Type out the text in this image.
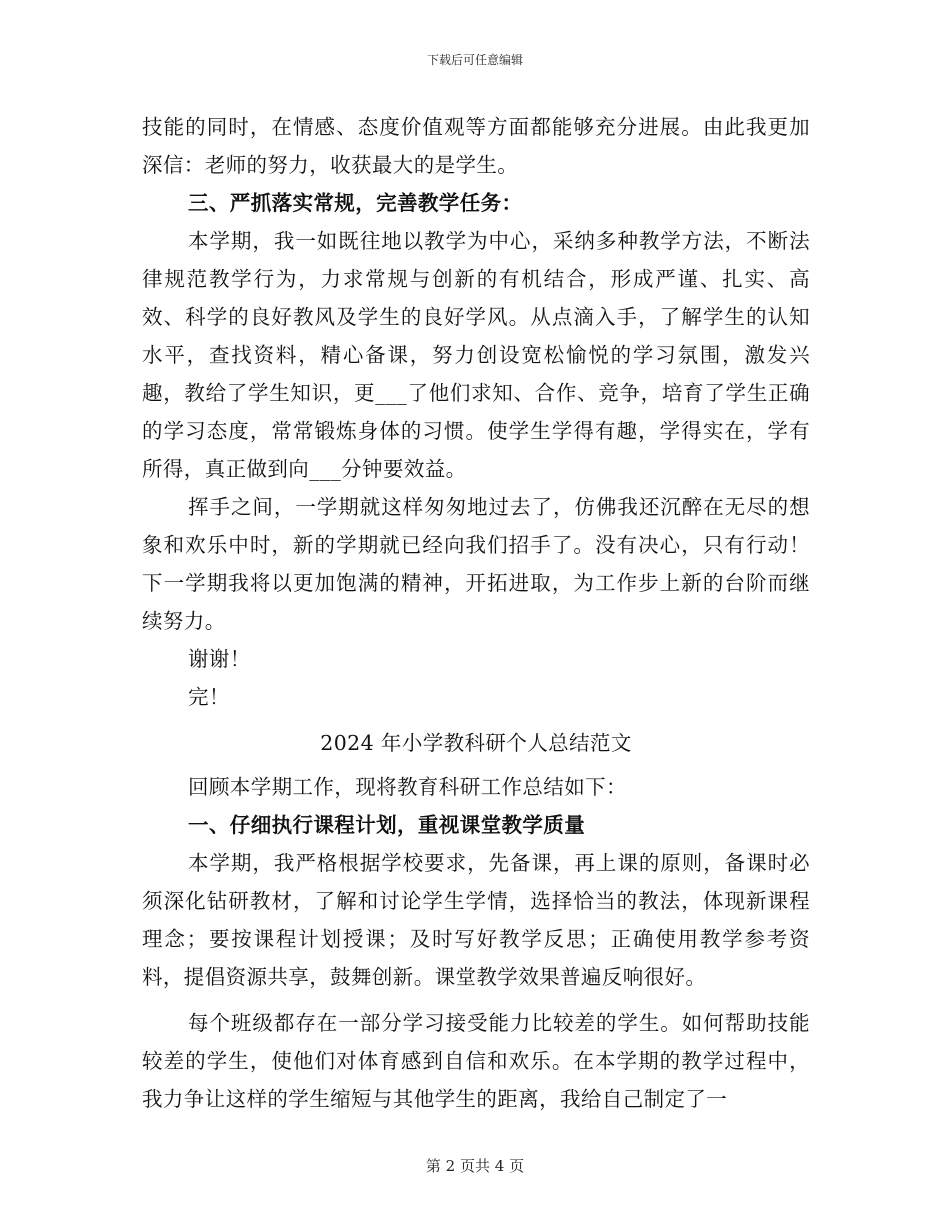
下载后可任意编辑

技能的同时，在情感、态度价值观等方面都能够充分进展。由此我更加深信：老师的努力，收获最大的是学生。

三、严抓落实常规，完善教学任务：

本学期，我一如既往地以教学为中心，采纳多种教学方法，不断法律规范教学行为，力求常规与创新的有机结合，形成严谨、扎实、高效、科学的良好教风及学生的良好学风。从点滴入手，了解学生的认知水平，查找资料，精心备课，努力创设宽松愉悦的学习氛围，激发兴趣，教给了学生知识，更___了他们求知、合作、竞争，培育了学生正确的学习态度，常常锻炼身体的习惯。使学生学得有趣，学得实在，学有所得，真正做到向___分钟要效益。

挥手之间，一学期就这样匆匆地过去了，仿佛我还沉醉在无尽的想象和欢乐中时，新的学期就已经向我们招手了。没有决心，只有行动！下一学期我将以更加饱满的精神，开拓进取，为工作步上新的台阶而继续努力。

谢谢！

完！

2024 年小学教科研个人总结范文

回顾本学期工作，现将教育科研工作总结如下：

一、仔细执行课程计划，重视课堂教学质量

本学期，我严格根据学校要求，先备课，再上课的原则，备课时必须深化钻研教材，了解和讨论学生学情，选择恰当的教法，体现新课程理念；要按课程计划授课；及时写好教学反思；正确使用教学参考资料，提倡资源共享，鼓舞创新。课堂教学效果普遍反响很好。

每个班级都存在一部分学习接受能力比较差的学生。如何帮助技能较差的学生，使他们对体育感到自信和欢乐。在本学期的教学过程中，我力争让这样的学生缩短与其他学生的距离，我给自己制定了一

第 2 页共 4 页
